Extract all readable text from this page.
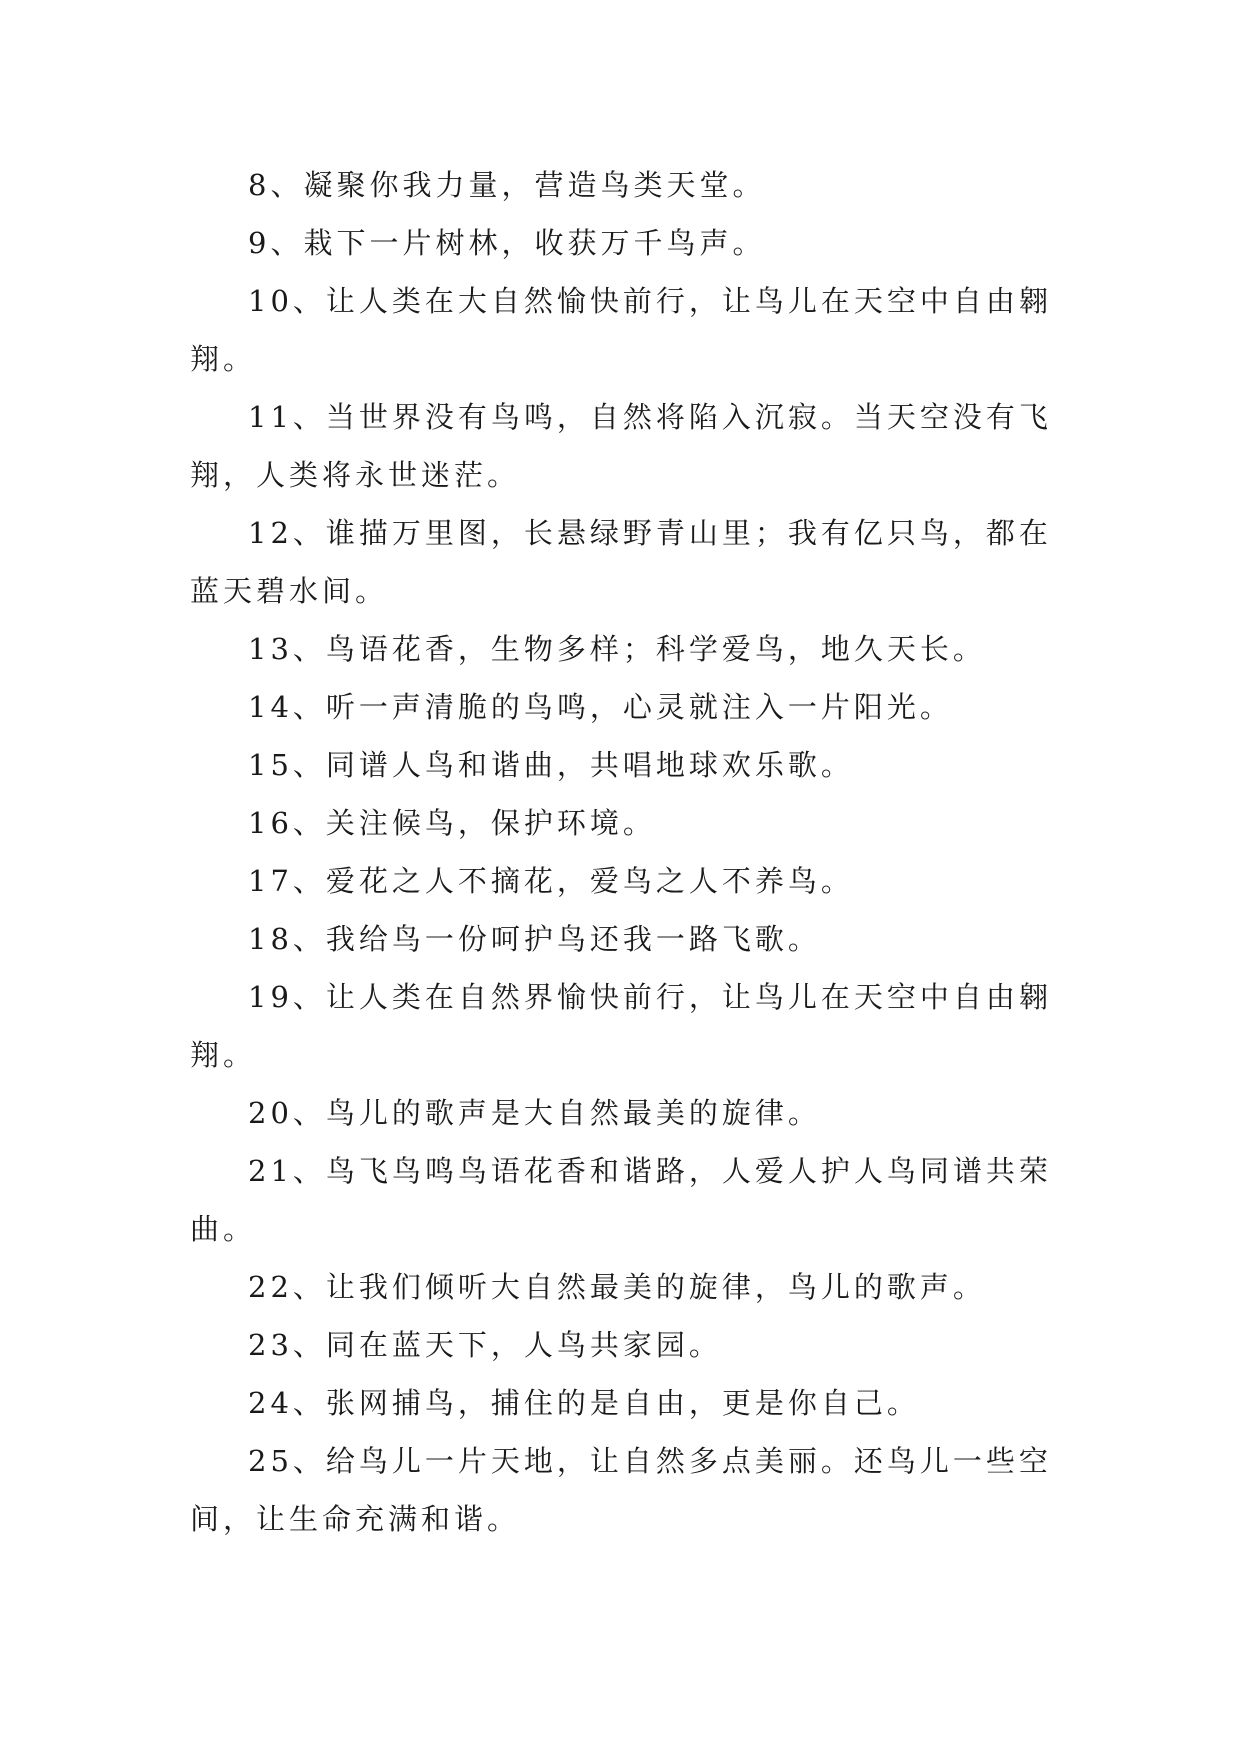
8、凝聚你我力量，营造鸟类天堂。

9、栽下一片树林，收获万千鸟声。

10、让人类在大自然愉快前行，让鸟儿在天空中自由翱翔。

11、当世界没有鸟鸣，自然将陷入沉寂。当天空没有飞翔，人类将永世迷茫。

12、谁描万里图，长悬绿野青山里；我有亿只鸟，都在蓝天碧水间。

13、鸟语花香，生物多样；科学爱鸟，地久天长。

14、听一声清脆的鸟鸣，心灵就注入一片阳光。

15、同谱人鸟和谐曲，共唱地球欢乐歌。

16、关注候鸟，保护环境。

17、爱花之人不摘花，爱鸟之人不养鸟。

18、我给鸟一份呵护鸟还我一路飞歌。

19、让人类在自然界愉快前行，让鸟儿在天空中自由翱翔。

20、鸟儿的歌声是大自然最美的旋律。

21、鸟飞鸟鸣鸟语花香和谐路，人爱人护人鸟同谱共荣曲。

22、让我们倾听大自然最美的旋律，鸟儿的歌声。

23、同在蓝天下，人鸟共家园。

24、张网捕鸟，捕住的是自由，更是你自己。

25、给鸟儿一片天地，让自然多点美丽。还鸟儿一些空间，让生命充满和谐。
